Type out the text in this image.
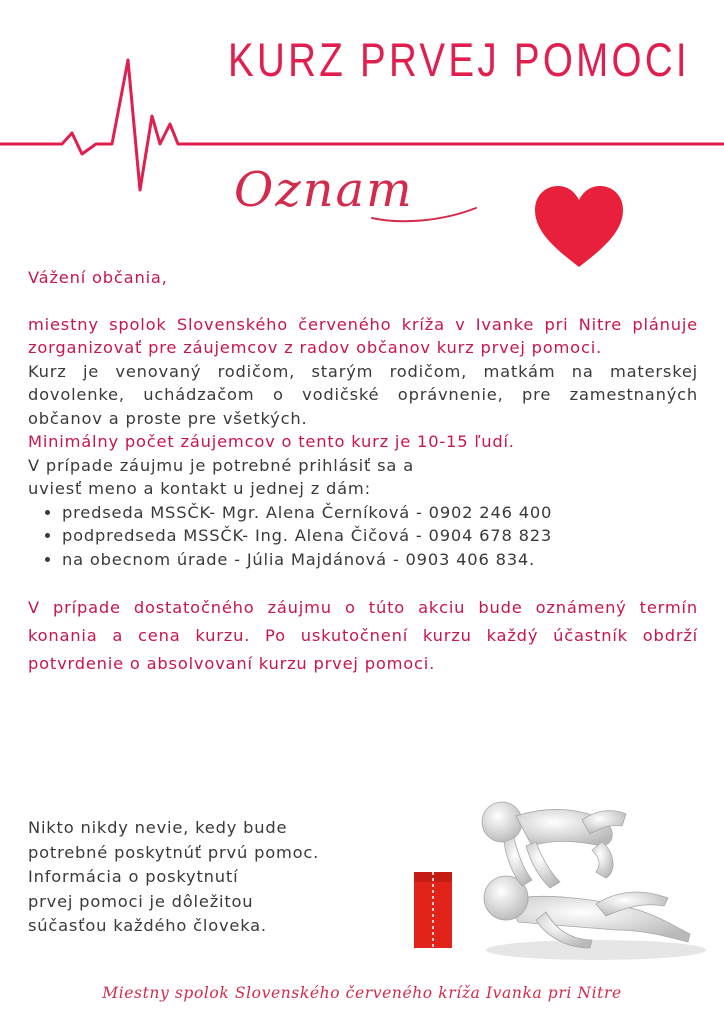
KURZ PRVEJ POMOCI
Oznam

Vážení občania,

miestny spolok Slovenského červeného kríža v Ivanke pri Nitre plánuje zorganizovať pre záujemcov z radov občanov kurz prvej pomoci.

Kurz je venovaný rodičom, starým rodičom, matkám na materskej dovolenke, uchádzačom o vodičské oprávnenie, pre zamestnaných občanov a proste pre všetkých.

Minimálny počet záujemcov o tento kurz je 10-15 ľudí.

V prípade záujmu je potrebné prihlásiť sa a uviesť meno a kontakt u jednej z dám:

• predseda MSSČK- Mgr. Alena Černíková - 0902 246 400
• podpredseda MSSČK- Ing. Alena Čičová - 0904 678 823
• na obecnom úrade - Júlia Majdánová - 0903 406 834.

V prípade dostatočného záujmu o túto akciu bude oznámený termín konania a cena kurzu. Po uskutočnení kurzu každý účastník obdrží potvrdenie o absolvovaní kurzu prvej pomoci.

Nikto nikdy nevie, kedy bude

potrebné poskytnúť prvú pomoc.

Informácia o poskytnutí

prvej pomoci je dôležitou

súčasťou každého človeka.

Miestny spolok Slovenského červeného kríža Ivanka pri Nitre
